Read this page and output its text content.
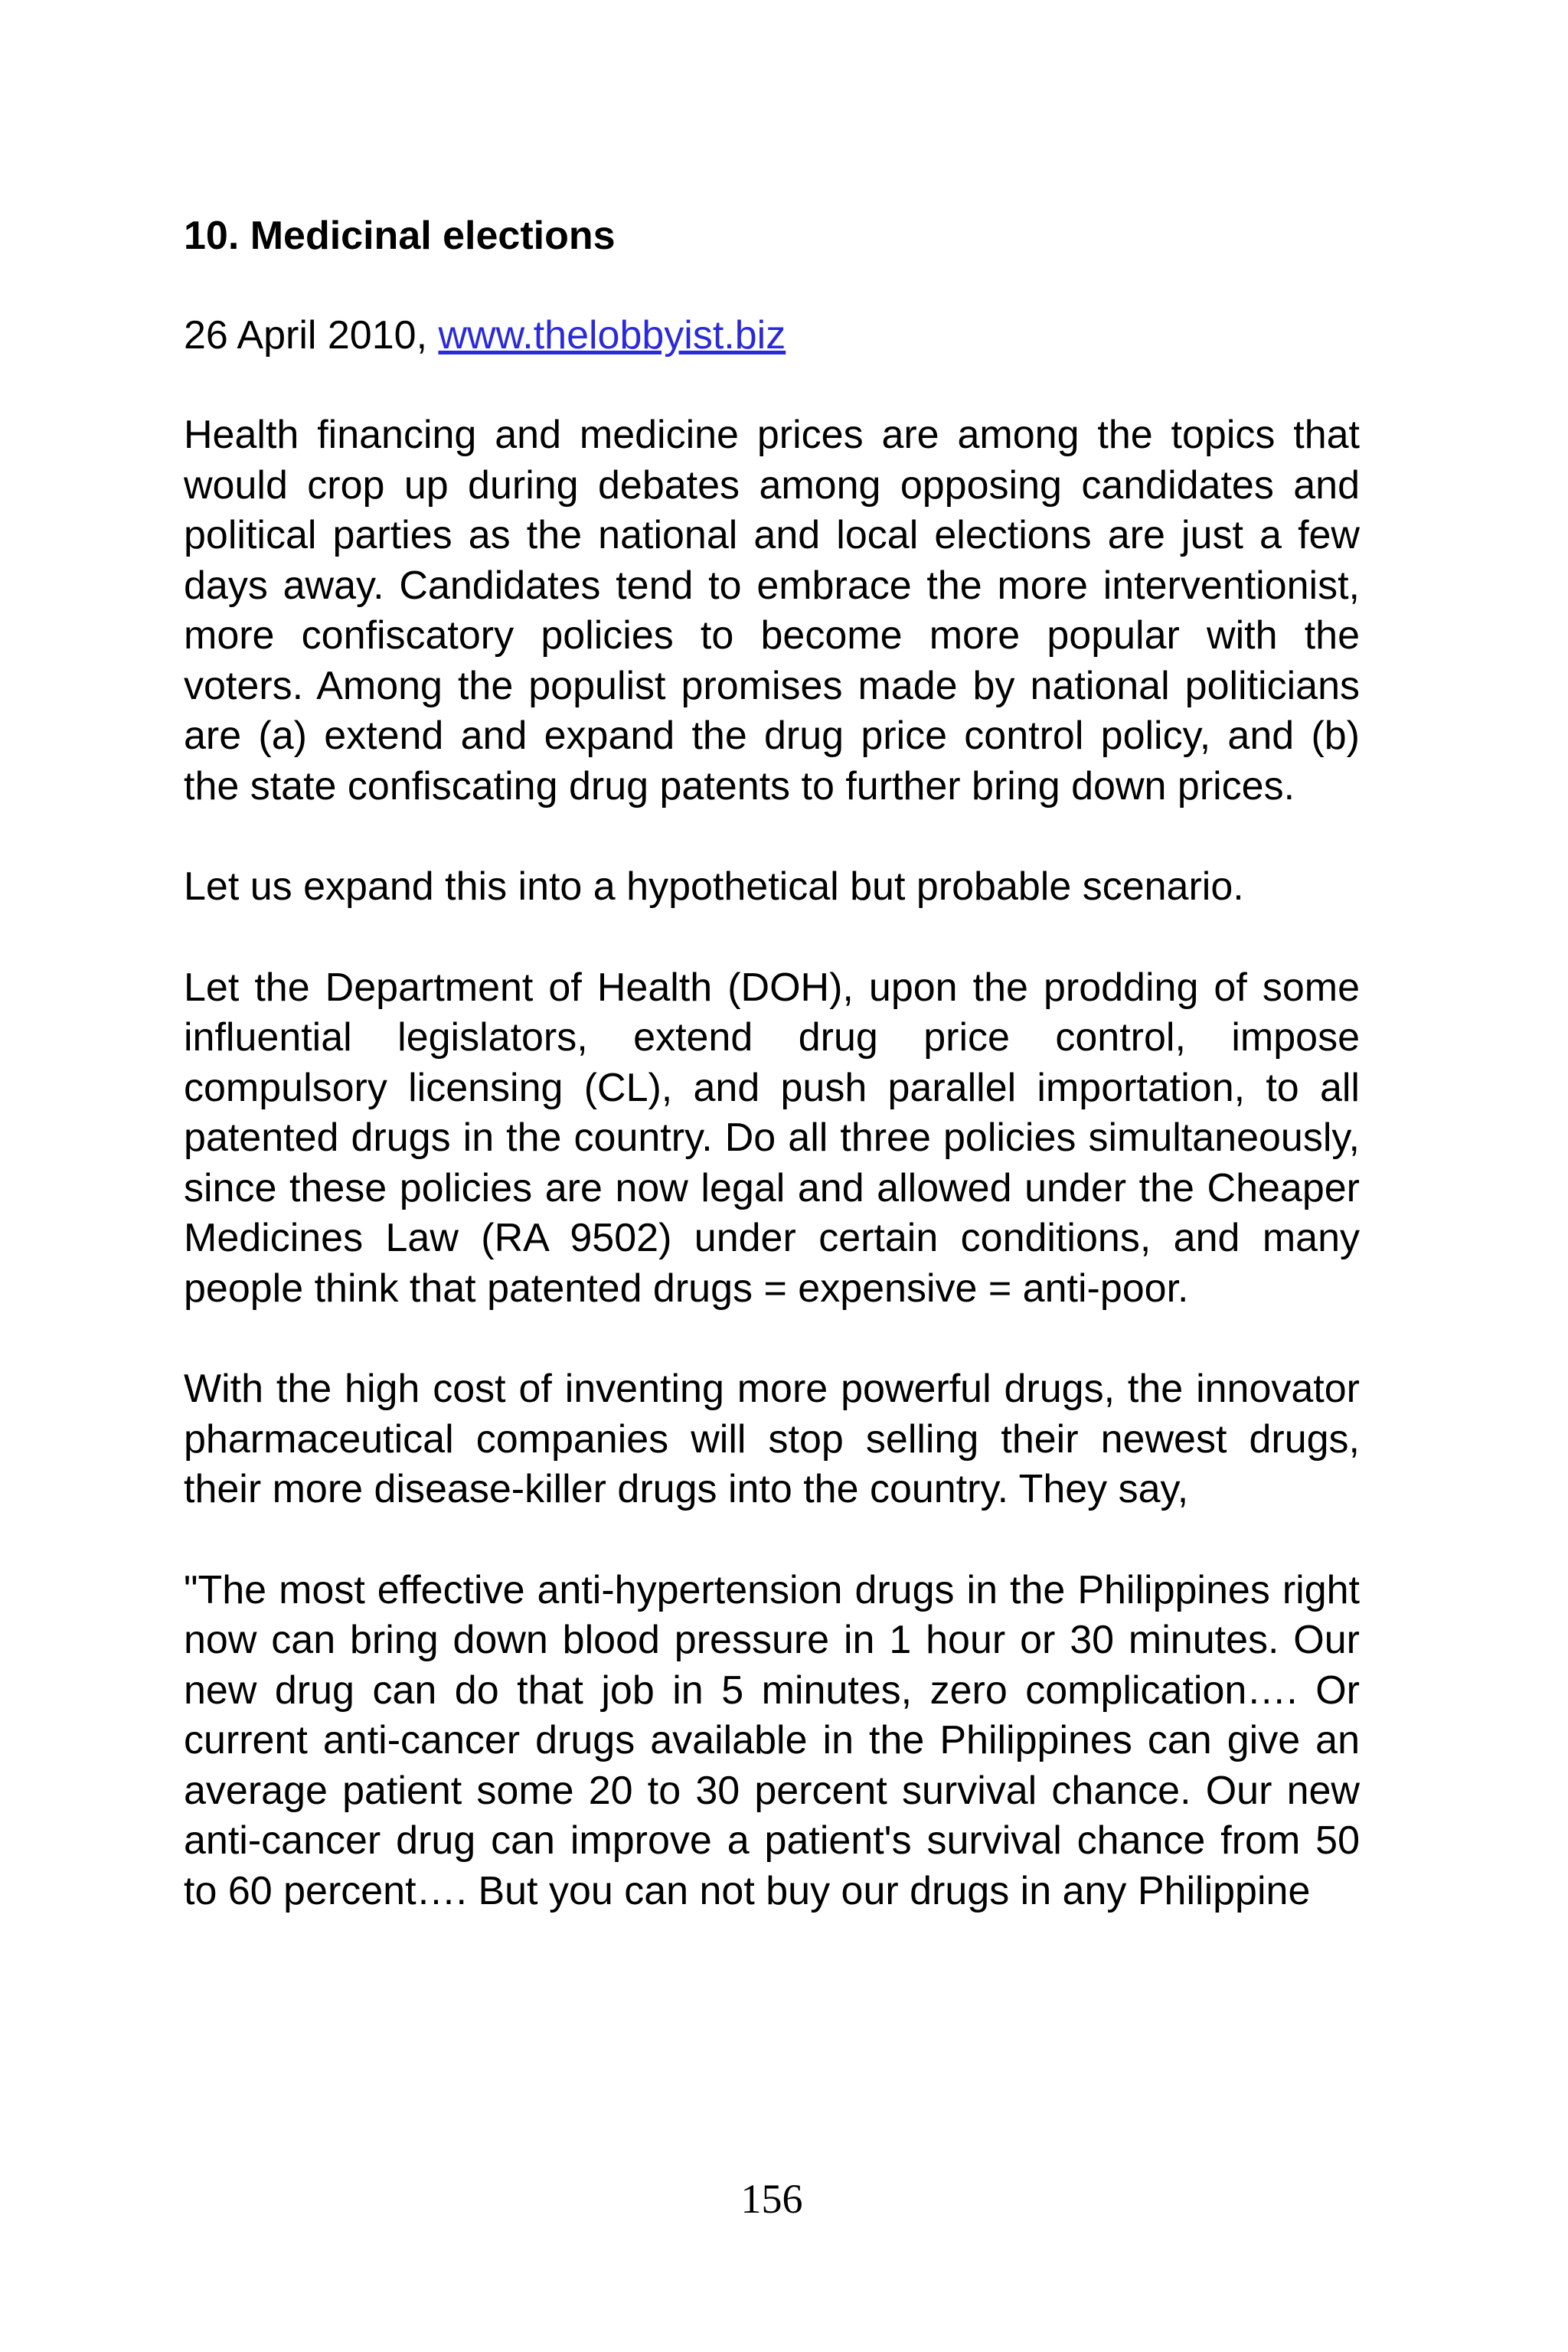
10. Medicinal elections
26 April 2010, www.thelobbyist.biz

Health financing and medicine prices are among the topics that would crop up during debates among opposing candidates and political parties as the national and local elections are just a few days away. Candidates tend to embrace the more interventionist, more confiscatory policies to become more popular with the voters. Among the populist promises made by national politicians are (a) extend and expand the drug price control policy, and (b) the state confiscating drug patents to further bring down prices.

Let us expand this into a hypothetical but probable scenario.

Let the Department of Health (DOH), upon the prodding of some influential legislators, extend drug price control, impose compulsory licensing (CL), and push parallel importation, to all patented drugs in the country. Do all three policies simultaneously, since these policies are now legal and allowed under the Cheaper Medicines Law (RA 9502) under certain conditions, and many people think that patented drugs = expensive = anti-poor.

With the high cost of inventing more powerful drugs, the innovator pharmaceutical companies will stop selling their newest drugs, their more disease-killer drugs into the country. They say,

"The most effective anti-hypertension drugs in the Philippines right now can bring down blood pressure in 1 hour or 30 minutes. Our new drug can do that job in 5 minutes, zero complication…. Or current anti-cancer drugs available in the Philippines can give an average patient some 20 to 30 percent survival chance. Our new anti-cancer drug can improve a patient's survival chance from 50 to 60 percent…. But you can not buy our drugs in any Philippine

156
